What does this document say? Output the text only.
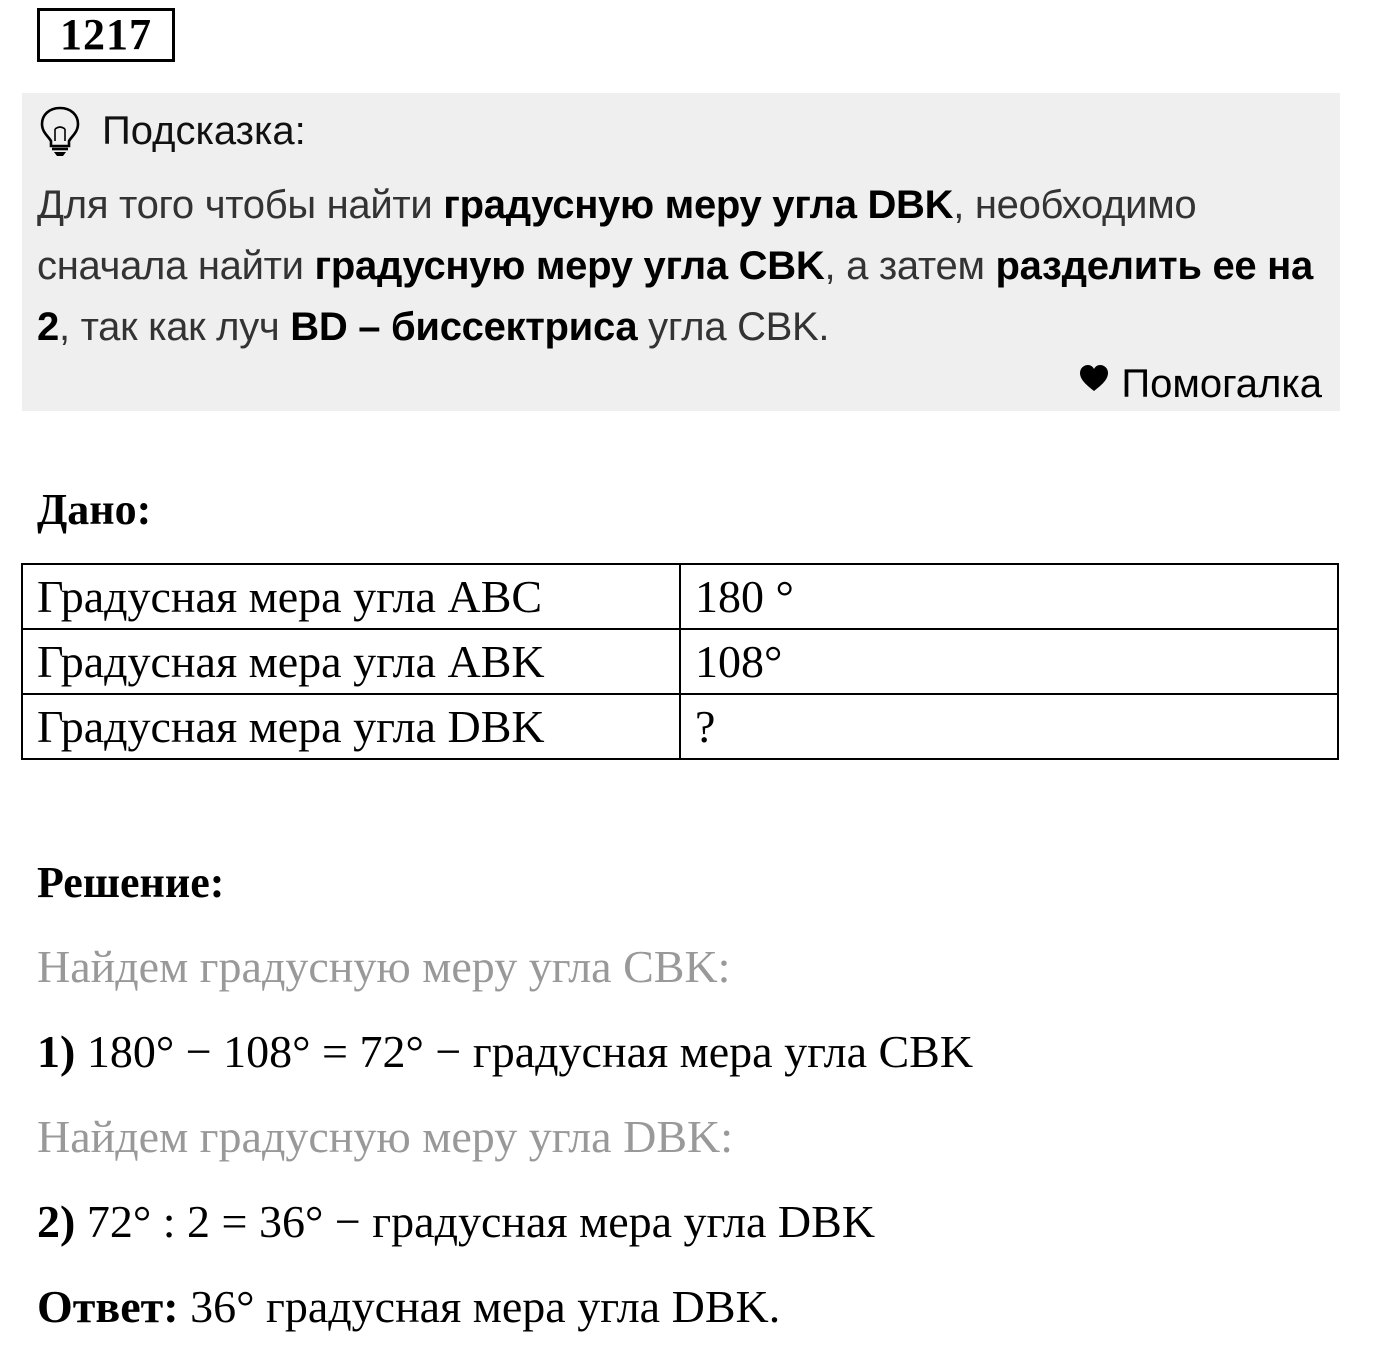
1217
Подсказка:
Для того чтобы найти градусную меру угла DBK, необходимо сначала найти градусную меру угла CBK, а затем разделить ее на 2, так как луч BD – биссектриса угла CBK.
Помогалка
Дано:
Градусная мера угла ABC	180 °
Градусная мера угла ABK	108°
Градусная мера угла DBK	?
Решение:
Найдем градусную меру угла CBK:
1) 180° − 108° = 72° − градусная мера угла CBK
Найдем градусную меру угла DBK:
2) 72° : 2 = 36° − градусная мера угла DBK
Ответ: 36° градусная мера угла DBK.
